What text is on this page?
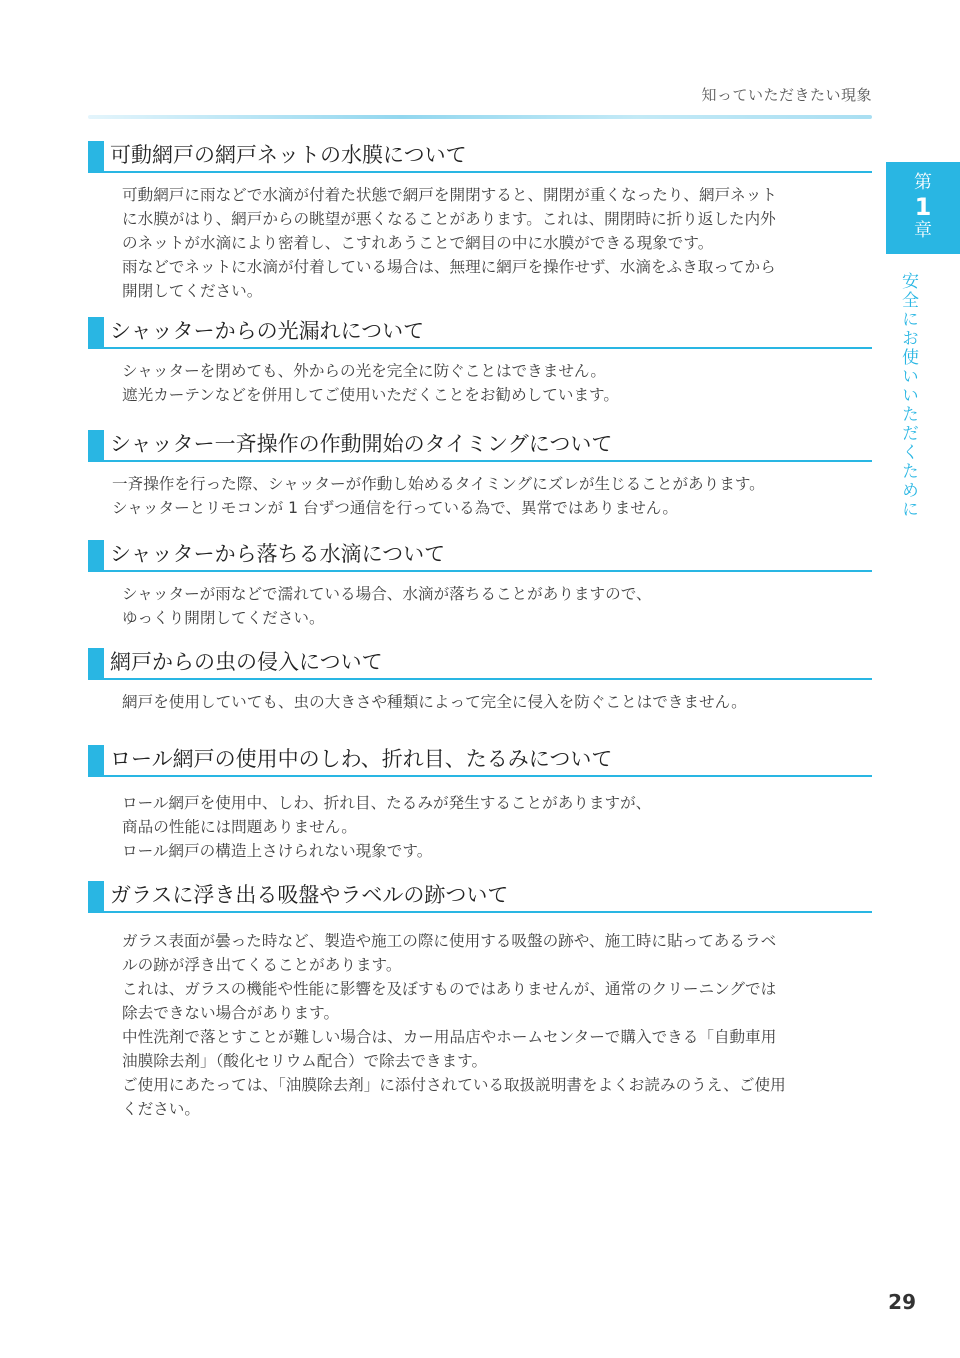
知っていただきたい現象
第
1
章
安全にお使いいただくために
可動網戸の網戸ネットの水膜について

可動網戸に雨などで水滴が付着た状態で網戸を開閉すると、開閉が重くなったり、網戸ネット

に水膜がはり、網戸からの眺望が悪くなることがあります。これは、開閉時に折り返した内外

のネットが水滴により密着し、こすれあうことで網目の中に水膜ができる現象です。

雨などでネットに水滴が付着している場合は、無理に網戸を操作せず、水滴をふき取ってから

開閉してください。

シャッターからの光漏れについて

シャッターを閉めても、外からの光を完全に防ぐことはできません。

遮光カーテンなどを併用してご使用いただくことをお勧めしています。

シャッター一斉操作の作動開始のタイミングについて

一斉操作を行った際、シャッターが作動し始めるタイミングにズレが生じることがあります。

シャッターとリモコンが 1 台ずつ通信を行っている為で、異常ではありません。

シャッターから落ちる水滴について

シャッターが雨などで濡れている場合、水滴が落ちることがありますので、

ゆっくり開閉してください。

網戸からの虫の侵入について

網戸を使用していても、虫の大きさや種類によって完全に侵入を防ぐことはできません。

ロール網戸の使用中のしわ、折れ目、たるみについて

ロール網戸を使用中、しわ、折れ目、たるみが発生することがありますが、

商品の性能には問題ありません。

ロール網戸の構造上さけられない現象です。

ガラスに浮き出る吸盤やラベルの跡ついて

ガラス表面が曇った時など、製造や施工の際に使用する吸盤の跡や、施工時に貼ってあるラベ

ルの跡が浮き出てくることがあります。

これは、ガラスの機能や性能に影響を及ぼすものではありませんが、通常のクリーニングでは

除去できない場合があります。

中性洗剤で落とすことが難しい場合は、カー用品店やホームセンターで購入できる「自動車用

油膜除去剤」（酸化セリウム配合）で除去できます。

ご使用にあたっては、「油膜除去剤」に添付されている取扱説明書をよくお読みのうえ、ご使用

ください。

29
